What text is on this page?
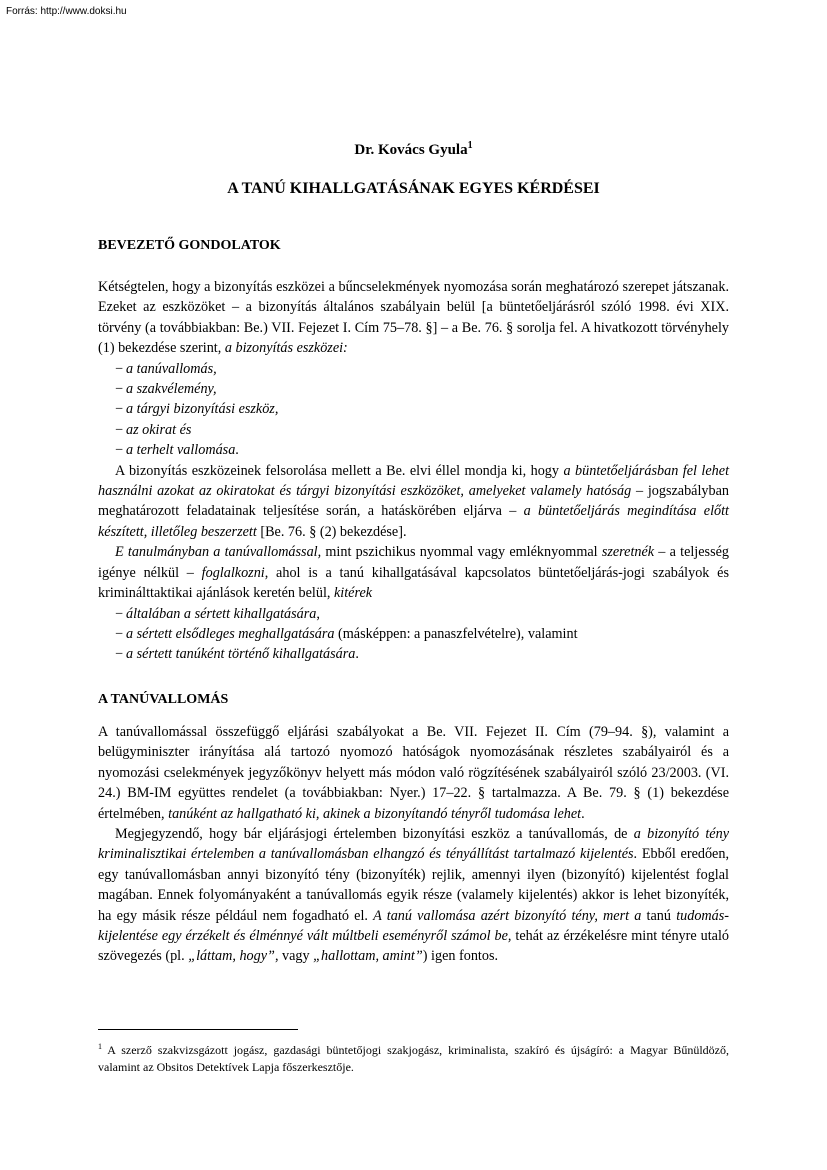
Forrás: http://www.doksi.hu
Dr. Kovács Gyula$^1$
A TANÚ KIHALLGATÁSÁNAK EGYES KÉRDÉSEI

BEVEZETŐ GONDOLATOK

Kétségtelen, hogy a bizonyítás eszközei a bűncselekmények nyomozása során meghatározó szerepet játszanak. Ezeket az eszközöket – a bizonyítás általános szabályain belül [a büntetőeljárásról szóló 1998. évi XIX. törvény (a továbbiakban: Be.) VII. Fejezet I. Cím 75–78. §] – a Be. 76. § sorolja fel. A hivatkozott törvényhely (1) bekezdése szerint, a bizonyítás eszközei:

− a tanúvallomás,
− a szakvélemény,
− a tárgyi bizonyítási eszköz,
− az okirat és
− a terhelt vallomása.

A bizonyítás eszközeinek felsorolása mellett a Be. elvi éllel mondja ki, hogy a büntetőeljárásban fel lehet használni azokat az okiratokat és tárgyi bizonyítási eszközöket, amelyeket valamely hatóság – jogszabályban meghatározott feladatainak teljesítése során, a hatáskörében eljárva – a büntetőeljárás megindítása előtt készített, illetőleg beszerzett [Be. 76. § (2) bekezdése].

E tanulmányban a tanúvallomással, mint pszichikus nyommal vagy emléknyommal szeretnék – a teljesség igénye nélkül – foglalkozni, ahol is a tanú kihallgatásával kapcsolatos büntetőeljárás-jogi szabályok és kriminálttaktikai ajánlások keretén belül, kitérek

− általában a sértett kihallgatására,
− a sértett elsődleges meghallgatására (másképpen: a panaszfelvételre), valamint
− a sértett tanúként történő kihallgatására.

A TANÚVALLOMÁS

A tanúvallomással összefüggő eljárási szabályokat a Be. VII. Fejezet II. Cím (79–94. §), valamint a belügyminiszter irányítása alá tartozó nyomozó hatóságok nyomozásának részletes szabályairól és a nyomozási cselekmények jegyzőkönyv helyett más módon való rögzítésének szabályairól szóló 23/2003. (VI. 24.) BM-IM együttes rendelet (a továbbiakban: Nyer.) 17–22. § tartalmazza. A Be. 79. § (1) bekezdése értelmében, tanúként az hallgatható ki, akinek a bizonyítandó tényről tudomása lehet.

Megjegyzendő, hogy bár eljárásjogi értelemben bizonyítási eszköz a tanúvallomás, de a bizonyító tény kriminalisztikai értelemben a tanúvallomásban elhangzó és tényállítást tartalmazó kijelentés. Ebből eredően, egy tanúvallomásban annyi bizonyító tény (bizonyíték) rejlik, amennyi ilyen (bizonyító) kijelentést foglal magában. Ennek folyományaként a tanúvallomás egyik része (valamely kijelentés) akkor is lehet bizonyíték, ha egy másik része például nem fogadható el. A tanú vallomása azért bizonyító tény, mert a tanú tudomás-kijelentése egy érzékelt és élménnyé vált múltbeli eseményről számol be, tehát az érzékelésre mint tényre utaló szövegezés (pl. „láttam, hogy”, vagy „hallottam, amint”) igen fontos.

$^1$ A szerző szakvizsgázott jogász, gazdasági büntetőjogi szakjogász, kriminalista, szakíró és újságíró: a Magyar Bűnüldöző, valamint az Obsitos Detektívek Lapja főszerkesztője.
